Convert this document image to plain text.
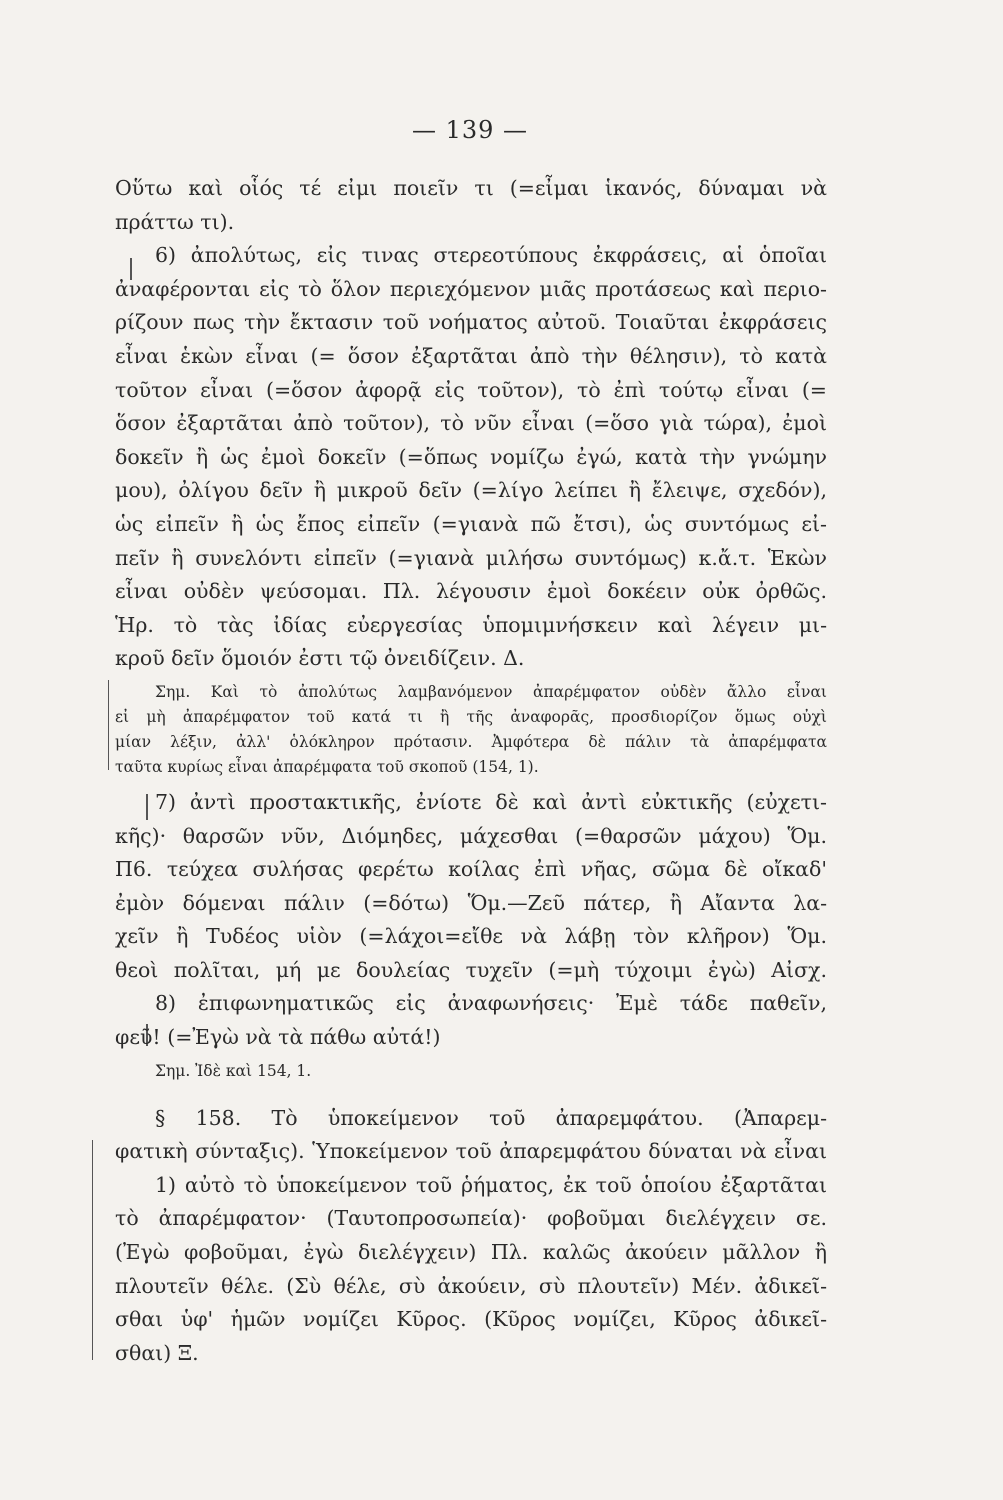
— 139 —
Οὕτω καὶ οἷός τέ εἰμι ποιεῖν τι (=εἶμαι ἱκανός, δύναμαι νὰ
πράττω τι).
6) ἀπολύτως, εἰς τινας στερεοτύπους ἐκφράσεις, αἱ ὁποῖαι
ἀναφέρονται εἰς τὸ ὅλον περιεχόμενον μιᾶς προτάσεως καὶ περιο-
ρίζουν πως τὴν ἔκτασιν τοῦ νοήματος αὐτοῦ. Τοιαῦται ἐκφράσεις
εἶναι ἑκὼν εἶναι (= ὅσον ἐξαρτᾶται ἀπὸ τὴν θέλησιν), τὸ κατὰ
τοῦτον εἶναι (=ὅσον ἀφορᾷ εἰς τοῦτον), τὸ ἐπὶ τούτῳ εἶναι (=
ὅσον ἐξαρτᾶται ἀπὸ τοῦτον), τὸ νῦν εἶναι (=ὅσο γιὰ τώρα), ἐμοὶ
δοκεῖν ἢ ὡς ἐμοὶ δοκεῖν (=ὅπως νομίζω ἐγώ, κατὰ τὴν γνώμην
μου), ὀλίγου δεῖν ἢ μικροῦ δεῖν (=λίγο λείπει ἢ ἔλειψε, σχεδόν),
ὡς εἰπεῖν ἢ ὡς ἔπος εἰπεῖν (=γιανὰ πῶ ἔτσι), ὡς συντόμως εἰ-
πεῖν ἢ συνελόντι εἰπεῖν (=γιανὰ μιλήσω συντόμως) κ.ἄ.τ. Ἑκὼν
εἶναι οὐδὲν ψεύσομαι. Πλ. λέγουσιν ἐμοὶ δοκέειν οὐκ ὀρθῶς.
Ἡρ. τὸ τὰς ἰδίας εὐεργεσίας ὑπομιμνήσκειν καὶ λέγειν μι-
κροῦ δεῖν ὅμοιόν ἐστι τῷ ὀνειδίζειν. Δ.
Σημ. Καὶ τὸ ἀπολύτως λαμβανόμενον ἀπαρέμφατον οὐδὲν ἄλλο εἶναι
εἰ μὴ ἀπαρέμφατον τοῦ κατά τι ἢ τῆς ἀναφορᾶς, προσδιορίζον ὅμως οὐχὶ
μίαν λέξιν, ἀλλ' ὁλόκληρον πρότασιν. Ἀμφότερα δὲ πάλιν τὰ ἀπαρέμφατα
ταῦτα κυρίως εἶναι ἀπαρέμφατα τοῦ σκοποῦ (154, 1).
7) ἀντὶ προστακτικῆς, ἐνίοτε δὲ καὶ ἀντὶ εὐκτικῆς (εὐχετι-
κῆς)· θαρσῶν νῦν, Διόμηδες, μάχεσθαι (=θαρσῶν μάχου) Ὅμ.
Π6. τεύχεα συλήσας φερέτω κοίλας ἐπὶ νῆας, σῶμα δὲ οἴκαδ'
ἐμὸν δόμεναι πάλιν (=δότω) Ὅμ.—Ζεῦ πάτερ, ἢ Αἴαντα λα-
χεῖν ἢ Τυδέος υἱὸν (=λάχοι=εἴθε νὰ λάβῃ τὸν κλῆρον) Ὅμ.
θεοὶ πολῖται, μή με δουλείας τυχεῖν (=μὴ τύχοιμι ἐγὼ) Αἰσχ.
8) ἐπιφωνηματικῶς εἰς ἀναφωνήσεις· Ἐμὲ τάδε παθεῖν,
φεῦ! (=Ἐγὼ νὰ τὰ πάθω αὐτά!)
Σημ. Ἰδὲ καὶ 154, 1.
§ 158. Τὸ ὑποκείμενον τοῦ ἀπαρεμφάτου. (Ἀπαρεμ-
φατικὴ σύνταξις). Ὑποκείμενον τοῦ ἀπαρεμφάτου δύναται νὰ εἶναι
1) αὐτὸ τὸ ὑποκείμενον τοῦ ῥήματος, ἐκ τοῦ ὁποίου ἐξαρτᾶται
τὸ ἀπαρέμφατον· (Ταυτοπροσωπεία)· φοβοῦμαι διελέγχειν σε.
(Ἐγὼ φοβοῦμαι, ἐγὼ διελέγχειν) Πλ. καλῶς ἀκούειν μᾶλλον ἢ
πλουτεῖν θέλε. (Σὺ θέλε, σὺ ἀκούειν, σὺ πλουτεῖν) Μέν. ἀδικεῖ-
σθαι ὑφ' ἡμῶν νομίζει Κῦρος. (Κῦρος νομίζει, Κῦρος ἀδικεῖ-
σθαι) Ξ.
